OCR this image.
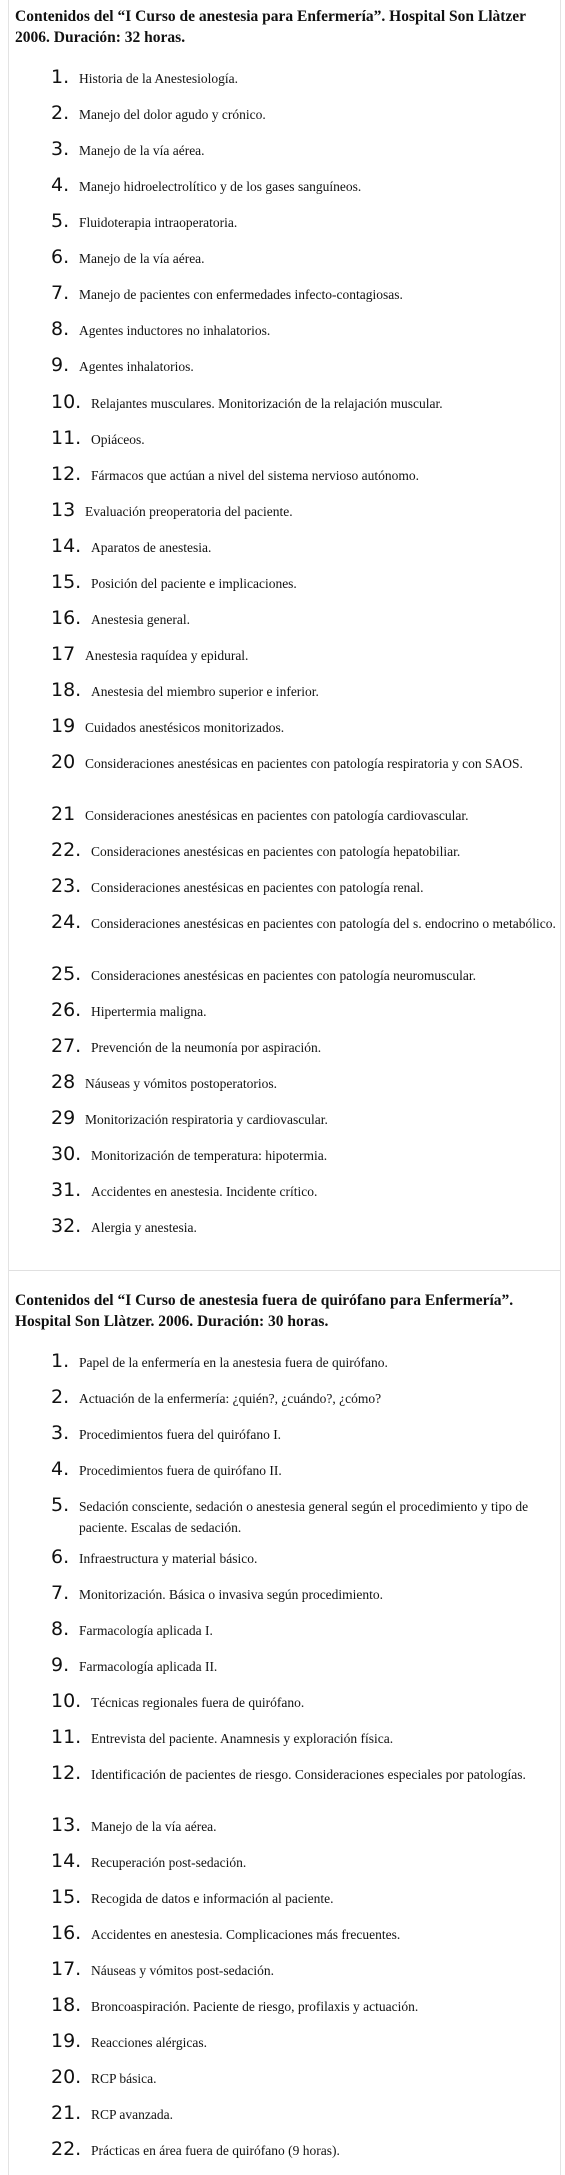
Contenidos del “I Curso de anestesia para Enfermería”. Hospital Son Llàtzer 2006. Duración: 32 horas.
1. Historia de la Anestesiología.
2. Manejo del dolor agudo y crónico.
3. Manejo de la vía aérea.
4. Manejo hidroelectrolítico y de los gases sanguíneos.
5. Fluidoterapia intraoperatoria.
6. Manejo de la vía aérea.
7. Manejo de pacientes con enfermedades infecto-contagiosas.
8. Agentes inductores no inhalatorios.
9. Agentes inhalatorios.
10. Relajantes musculares. Monitorización de la relajación muscular.
11. Opiáceos.
12. Fármacos que actúan a nivel del sistema nervioso autónomo.
13 Evaluación preoperatoria del paciente.
14. Aparatos de anestesia.
15. Posición del paciente e implicaciones.
16. Anestesia general.
17 Anestesia raquídea y epidural.
18. Anestesia del miembro superior e inferior.
19 Cuidados anestésicos monitorizados.
20 Consideraciones anestésicas en pacientes con patología respiratoria y con SAOS.
21 Consideraciones anestésicas en pacientes con patología cardiovascular.
22. Consideraciones anestésicas en pacientes con patología hepatobiliar.
23. Consideraciones anestésicas en pacientes con patología renal.
24. Consideraciones anestésicas en pacientes con patología del s. endocrino o metabólico.
25. Consideraciones anestésicas en pacientes con patología neuromuscular.
26. Hipertermia maligna.
27. Prevención de la neumonía por aspiración.
28 Náuseas y vómitos postoperatorios.
29 Monitorización respiratoria y cardiovascular.
30. Monitorización de temperatura: hipotermia.
31. Accidentes en anestesia. Incidente crítico.
32. Alergia y anestesia.
Contenidos del “I Curso de anestesia fuera de quirófano para Enfermería”. Hospital Son Llàtzer. 2006. Duración: 30 horas.
1. Papel de la enfermería en la anestesia fuera de quirófano.
2. Actuación de la enfermería: ¿quién?, ¿cuándo?, ¿cómo?
3. Procedimientos fuera del quirófano I.
4. Procedimientos fuera de quirófano II.
5. Sedación consciente, sedación o anestesia general según el procedimiento y tipo de paciente. Escalas de sedación.
6. Infraestructura y material básico.
7. Monitorización. Básica o invasiva según procedimiento.
8. Farmacología aplicada I.
9. Farmacología aplicada II.
10. Técnicas regionales fuera de quirófano.
11. Entrevista del paciente. Anamnesis y exploración física.
12. Identificación de pacientes de riesgo. Consideraciones especiales por patologías.
13. Manejo de la vía aérea.
14. Recuperación post-sedación.
15. Recogida de datos e información al paciente.
16. Accidentes en anestesia. Complicaciones más frecuentes.
17. Náuseas y vómitos post-sedación.
18. Broncoaspiración. Paciente de riesgo, profilaxis y actuación.
19. Reacciones alérgicas.
20. RCP básica.
21. RCP avanzada.
22. Prácticas en área fuera de quirófano (9 horas).
